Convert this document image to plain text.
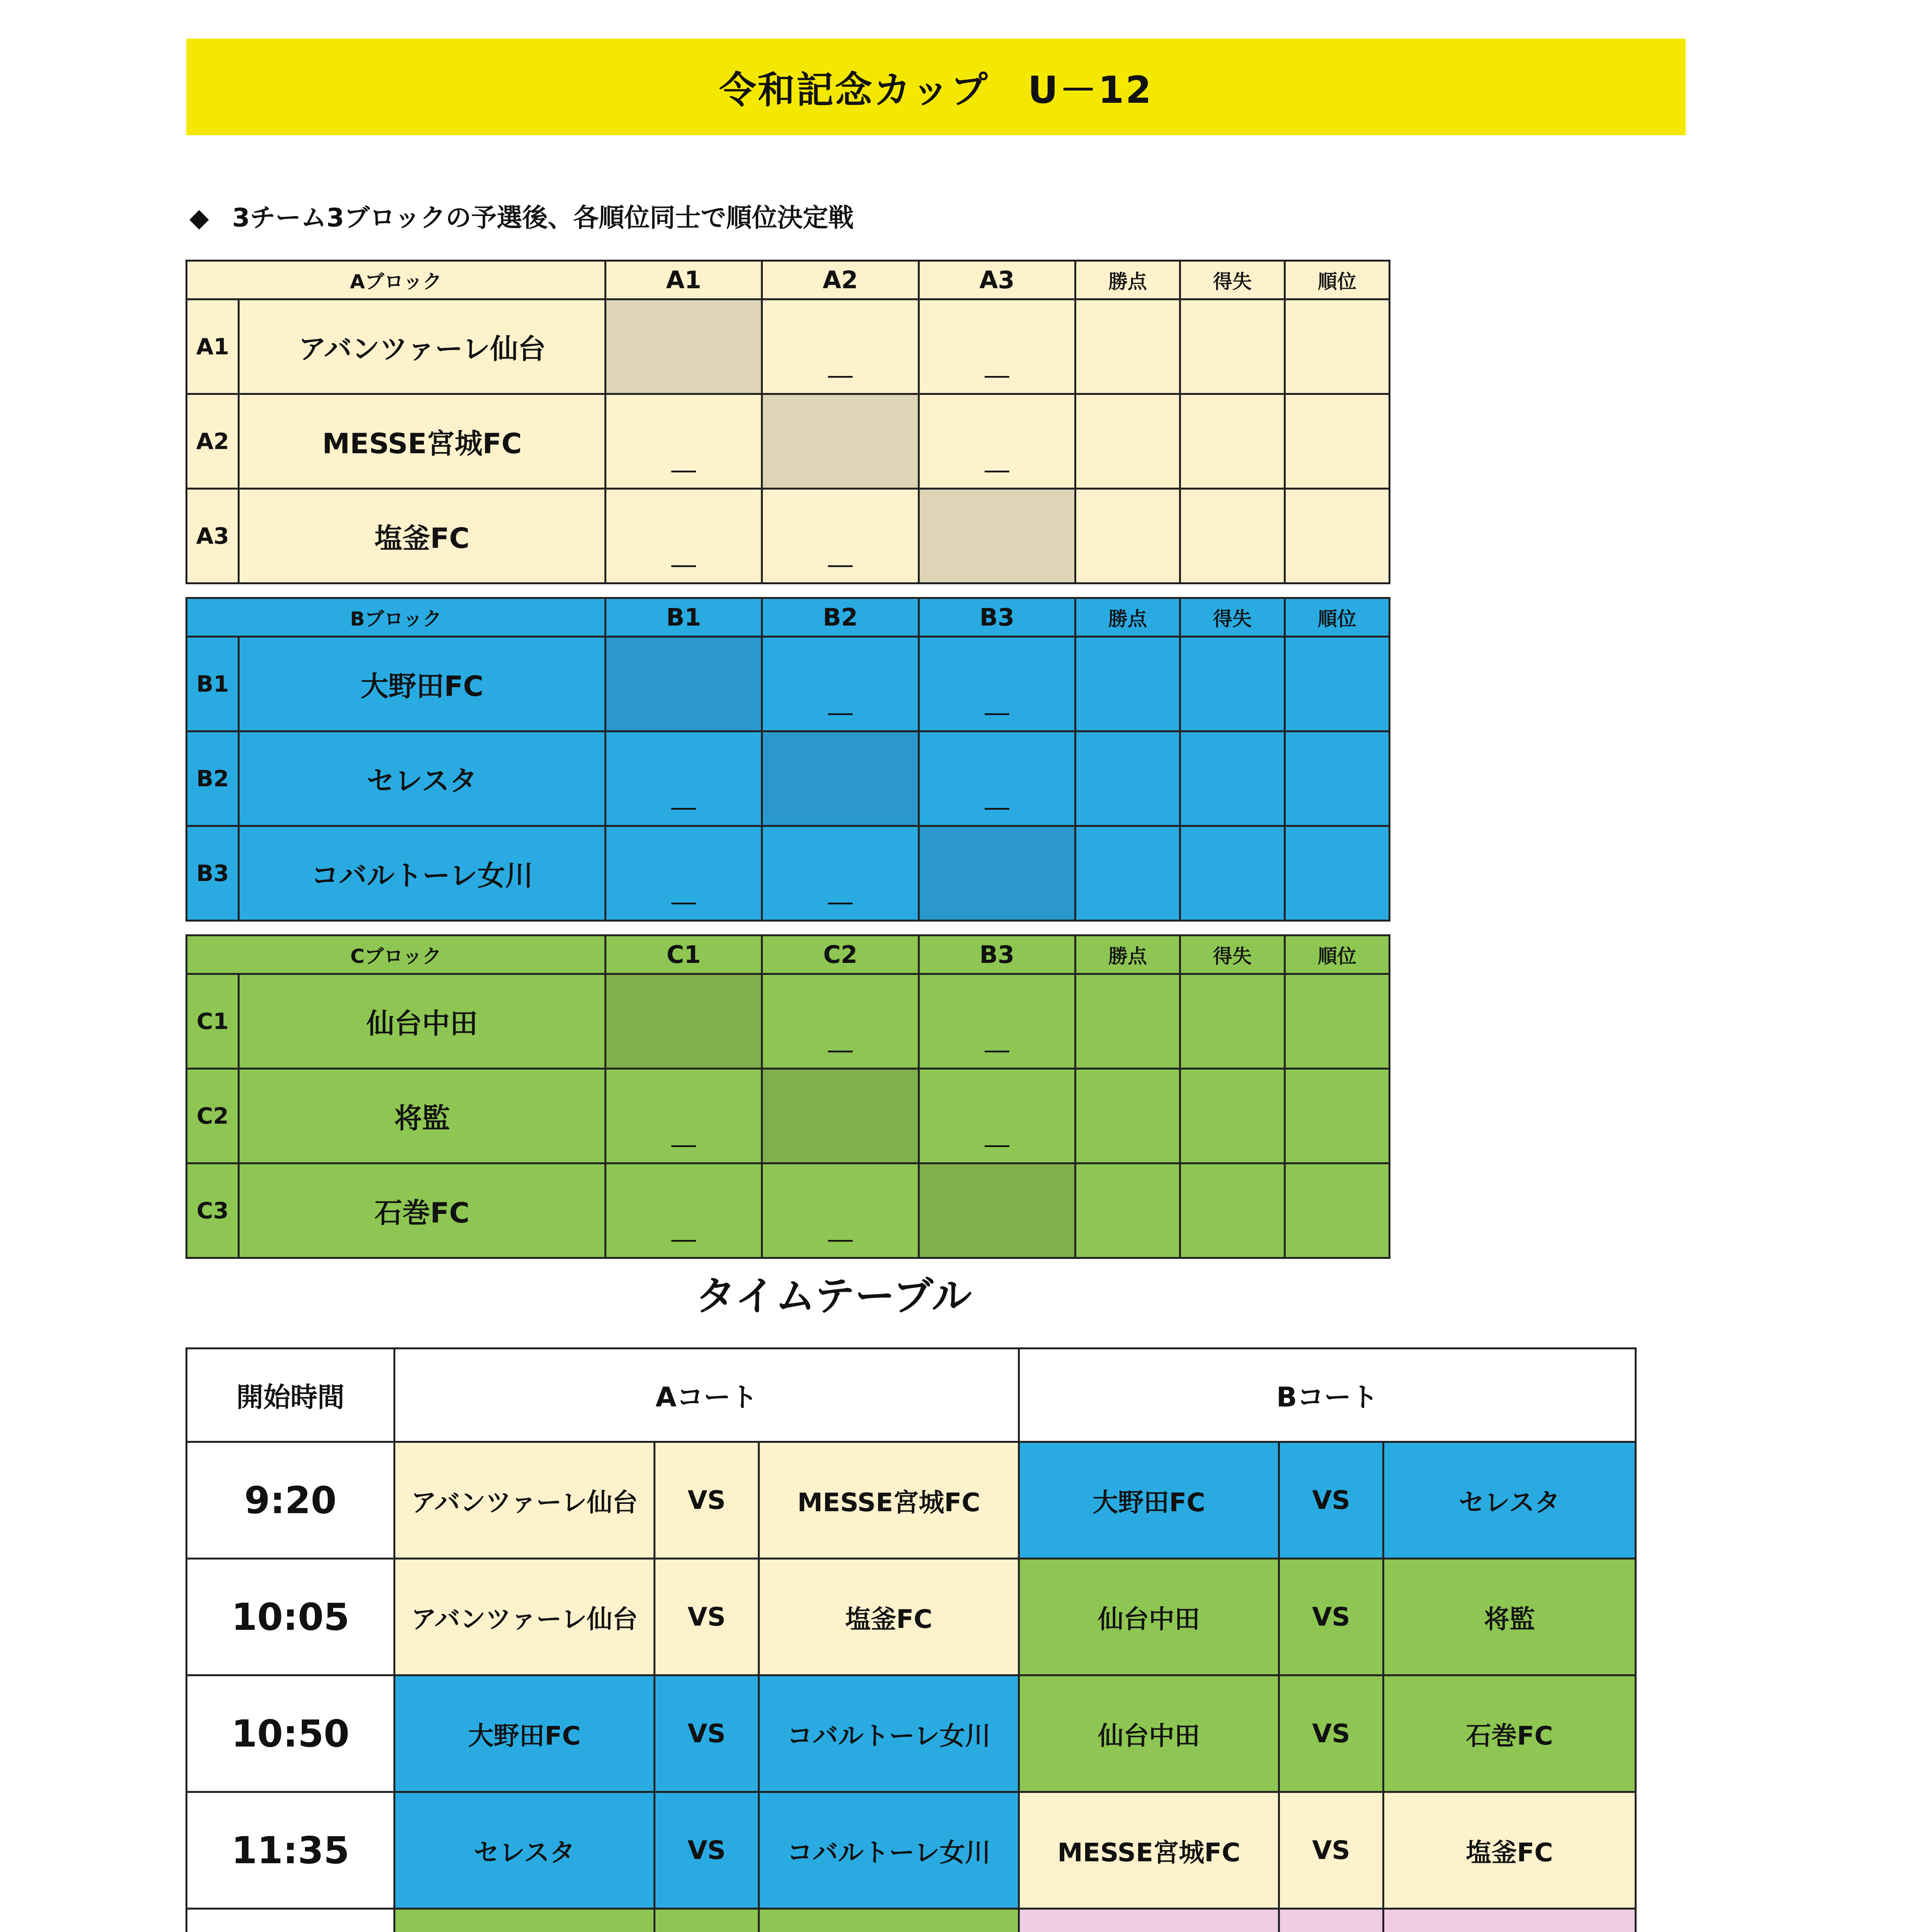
令和記念カップ　U－12
◆ 3チーム3ブロックの予選後、各順位同士で順位決定戦
Aブロック		A1	A2	A3	勝点	得失	順位
A1	アバンツァーレ仙台		＿	＿			
A2	MESSE宮城FC	＿		＿			
A3	塩釜FC	＿	＿				
Bブロック		B1	B2	B3	勝点	得失	順位
B1	大野田FC		＿	＿			
B2	セレスタ	＿		＿			
B3	コバルトーレ女川	＿	＿				
Cブロック		C1	C2	B3	勝点	得失	順位
C1	仙台中田		＿	＿			
C2	将監	＿		＿			
C3	石巻FC	＿	＿				
タイムテーブル
開始時間	Aコート			Bコート		
9:20	アバンツァーレ仙台	VS	MESSE宮城FC	大野田FC	VS	セレスタ
10:05	アバンツァーレ仙台	VS	塩釜FC	仙台中田	VS	将監
10:50	大野田FC	VS	コバルトーレ女川	仙台中田	VS	石巻FC
11:35	セレスタ	VS	コバルトーレ女川	MESSE宮城FC	VS	塩釜FC
